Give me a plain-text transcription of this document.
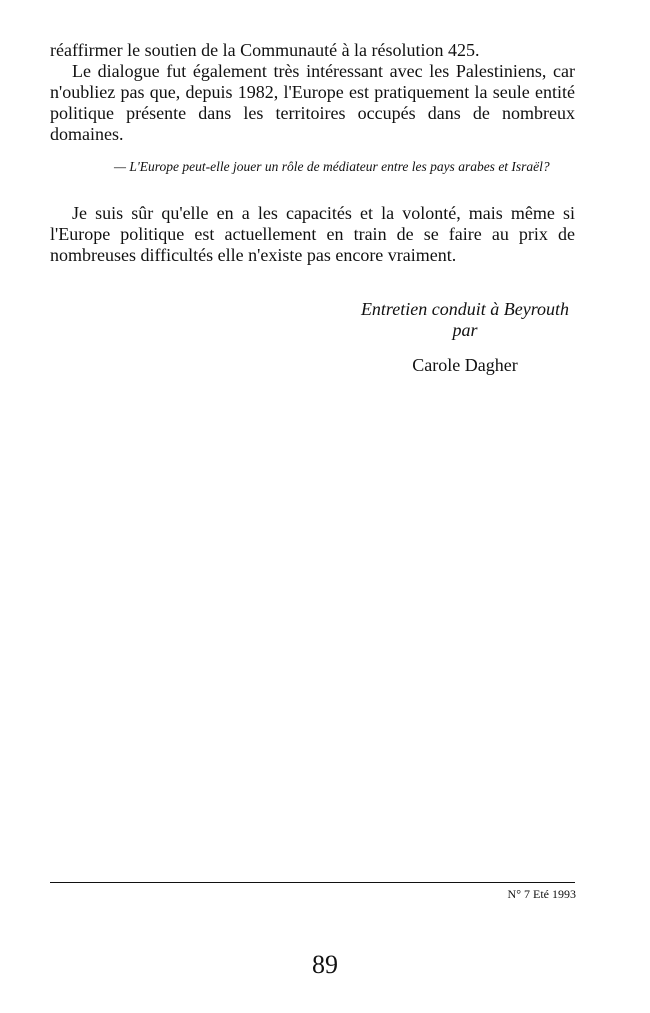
réaffirmer le soutien de la Communauté à la résolution 425.
Le dialogue fut également très intéressant avec les Palestiniens, car n'oubliez pas que, depuis 1982, l'Europe est pratiquement la seule entité politique présente dans les territoires occupés dans de nombreux domaines.

— L'Europe peut-elle jouer un rôle de médiateur entre les pays arabes et Israël?

Je suis sûr qu'elle en a les capacités et la volonté, mais même si l'Europe politique est actuellement en train de se faire au prix de nombreuses difficultés elle n'existe pas encore vraiment.

Entretien conduit à Beyrouth

par

Carole Dagher

N° 7 Eté 1993

89
